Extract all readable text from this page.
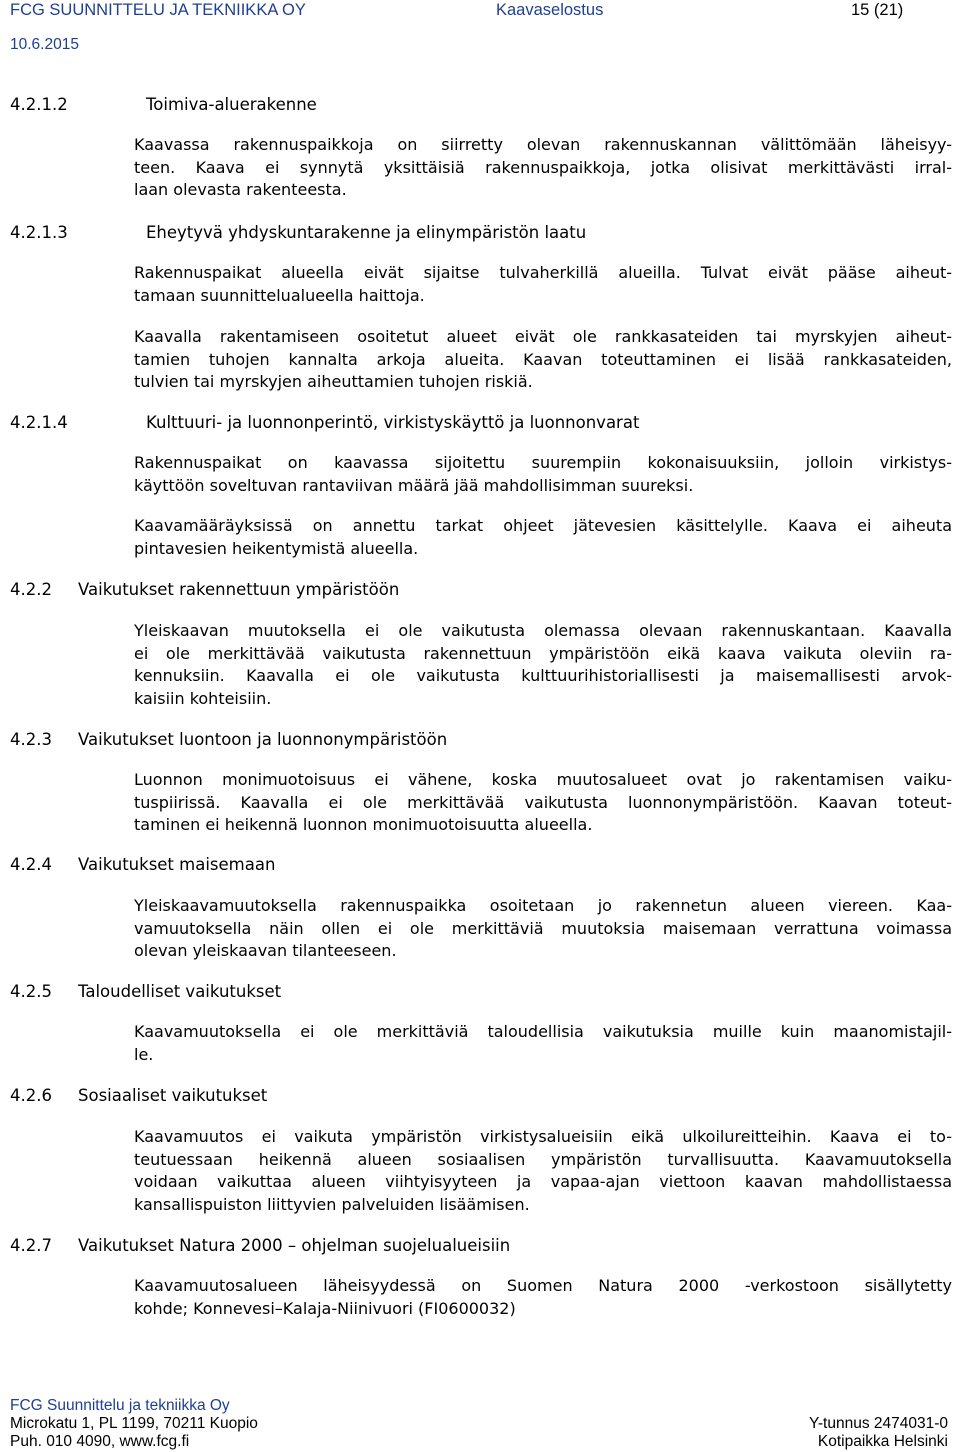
FCG SUUNNITTELU JA TEKNIIKKA OY	Kaavaselostus	15 (21)
10.6.2015
4.2.1.2	Toimiva-aluerakenne
Kaavassa rakennuspaikkoja on siirretty olevan rakennuskannan välittömään läheisyy-
teen. Kaava ei synnytä yksittäisiä rakennuspaikkoja, jotka olisivat merkittävästi irral-
laan olevasta rakenteesta.
4.2.1.3	Eheytyvä yhdyskuntarakenne ja elinympäristön laatu
Rakennuspaikat alueella eivät sijaitse tulvaherkillä alueilla. Tulvat eivät pääse aiheut-
tamaan suunnittelualueella haittoja.
Kaavalla rakentamiseen osoitetut alueet eivät ole rankkasateiden tai myrskyjen aiheut-
tamien tuhojen kannalta arkoja alueita. Kaavan toteuttaminen ei lisää rankkasateiden,
tulvien tai myrskyjen aiheuttamien tuhojen riskiä.
4.2.1.4	Kulttuuri- ja luonnonperintö, virkistyskäyttö ja luonnonvarat
Rakennuspaikat on kaavassa sijoitettu suurempiin kokonaisuuksiin, jolloin virkistys-
käyttöön soveltuvan rantaviivan määrä jää mahdollisimman suureksi.
Kaavamääräyksissä on annettu tarkat ohjeet jätevesien käsittelylle. Kaava ei aiheuta
pintavesien heikentymistä alueella.
4.2.2 Vaikutukset rakennettuun ympäristöön
Yleiskaavan muutoksella ei ole vaikutusta olemassa olevaan rakennuskantaan. Kaavalla
ei ole merkittävää vaikutusta rakennettuun ympäristöön eikä kaava vaikuta oleviin ra-
kennuksiin. Kaavalla ei ole vaikutusta kulttuurihistoriallisesti ja maisemallisesti arvok-
kaisiin kohteisiin.
4.2.3 Vaikutukset luontoon ja luonnonympäristöön
Luonnon monimuotoisuus ei vähene, koska muutosalueet ovat jo rakentamisen vaiku-
tuspiirissä. Kaavalla ei ole merkittävää vaikutusta luonnonympäristöön. Kaavan toteut-
taminen ei heikennä luonnon monimuotoisuutta alueella.
4.2.4 Vaikutukset maisemaan
Yleiskaavamuutoksella rakennuspaikka osoitetaan jo rakennetun alueen viereen. Kaa-
vamuutoksella näin ollen ei ole merkittäviä muutoksia maisemaan verrattuna voimassa
olevan yleiskaavan tilanteeseen.
4.2.5 Taloudelliset vaikutukset
Kaavamuutoksella ei ole merkittäviä taloudellisia vaikutuksia muille kuin maanomistajil-
le.
4.2.6 Sosiaaliset vaikutukset
Kaavamuutos ei vaikuta ympäristön virkistysalueisiin eikä ulkoilureitteihin. Kaava ei to-
teutuessaan heikennä alueen sosiaalisen ympäristön turvallisuutta. Kaavamuutoksella
voidaan vaikuttaa alueen viihtyisyyteen ja vapaa-ajan viettoon kaavan mahdollistaessa
kansallispuiston liittyvien palveluiden lisäämisen.
4.2.7 Vaikutukset Natura 2000 – ohjelman suojelualueisiin
Kaavamuutosalueen läheisyydessä on Suomen Natura 2000 -verkostoon sisällytetty
kohde; Konnevesi–Kalaja-Niinivuori (FI0600032)
FCG Suunnittelu ja tekniikka Oy
Microkatu 1, PL 1199, 70211 Kuopio
Puh. 010 4090, www.fcg.fi
Y-tunnus 2474031-0
Kotipaikka Helsinki
